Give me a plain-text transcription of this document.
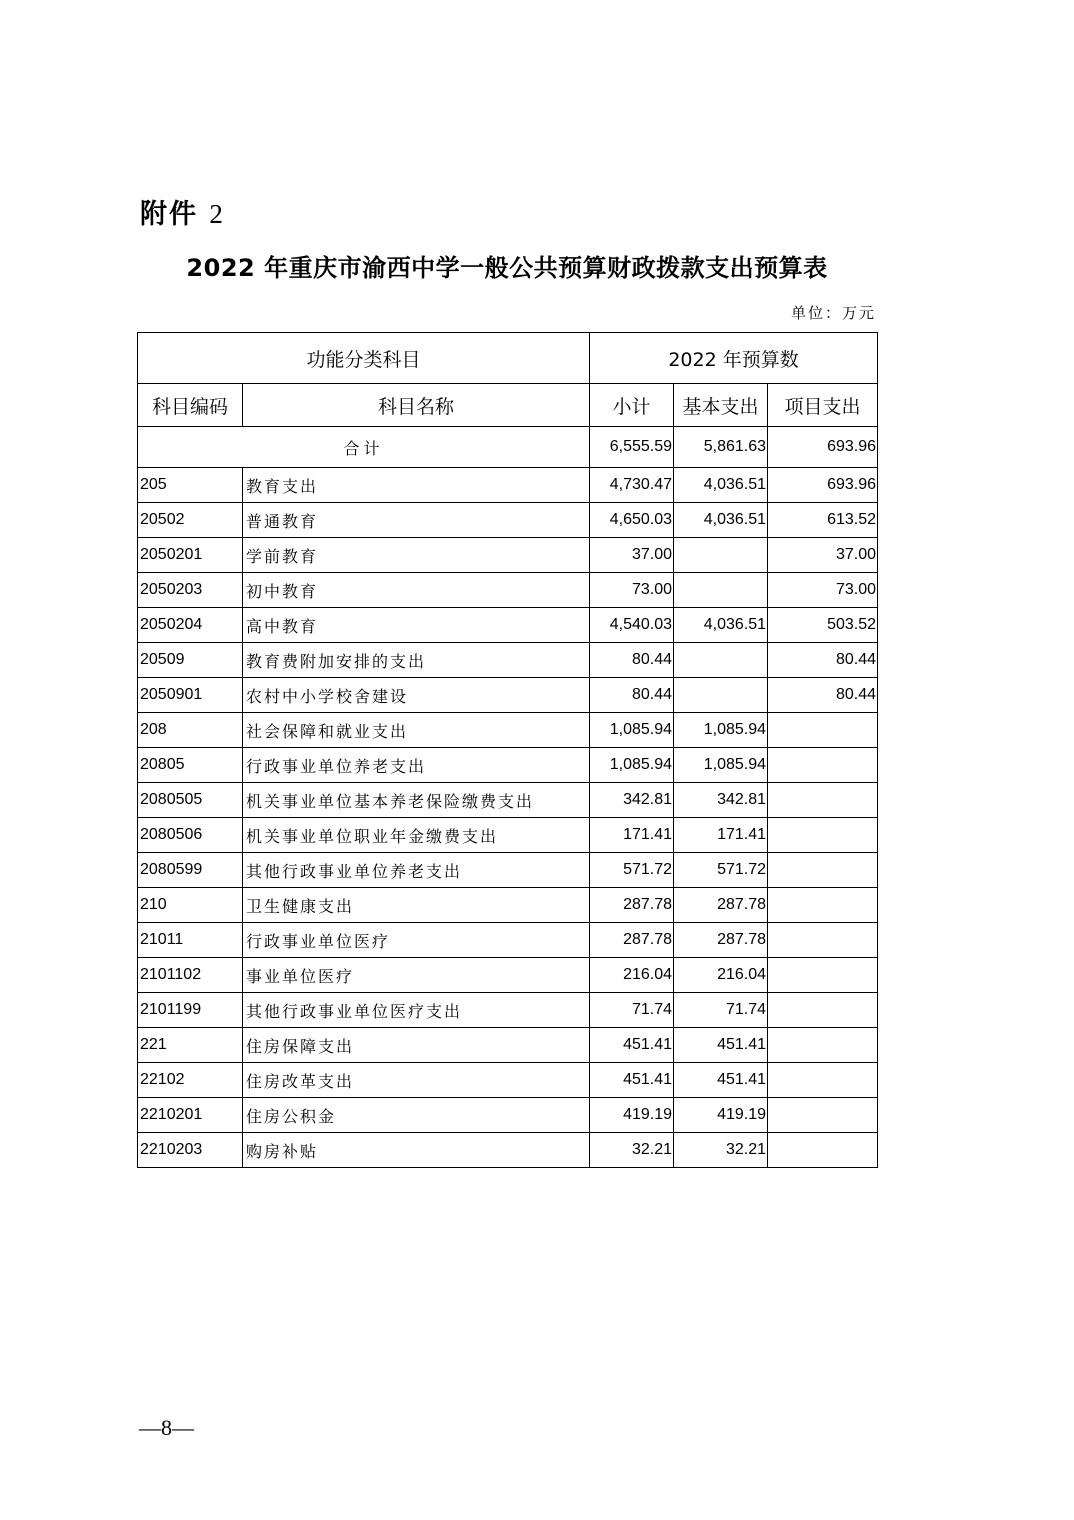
附件 2
2022 年重庆市渝西中学一般公共预算财政拨款支出预算表
单位：万元
功能分类科目		2022 年预算数		
科目编码	科目名称	小计	基本支出	项目支出
合计		6,555.59	5,861.63	693.96
205	教育支出	4,730.47	4,036.51	693.96
20502	普通教育	4,650.03	4,036.51	613.52
2050201	学前教育	37.00		37.00
2050203	初中教育	73.00		73.00
2050204	高中教育	4,540.03	4,036.51	503.52
20509	教育费附加安排的支出	80.44		80.44
2050901	农村中小学校舍建设	80.44		80.44
208	社会保障和就业支出	1,085.94	1,085.94	
20805	行政事业单位养老支出	1,085.94	1,085.94	
2080505	机关事业单位基本养老保险缴费支出	342.81	342.81	
2080506	机关事业单位职业年金缴费支出	171.41	171.41	
2080599	其他行政事业单位养老支出	571.72	571.72	
210	卫生健康支出	287.78	287.78	
21011	行政事业单位医疗	287.78	287.78	
2101102	事业单位医疗	216.04	216.04	
2101199	其他行政事业单位医疗支出	71.74	71.74	
221	住房保障支出	451.41	451.41	
22102	住房改革支出	451.41	451.41	
2210201	住房公积金	419.19	419.19	
2210203	购房补贴	32.21	32.21	
—8—
